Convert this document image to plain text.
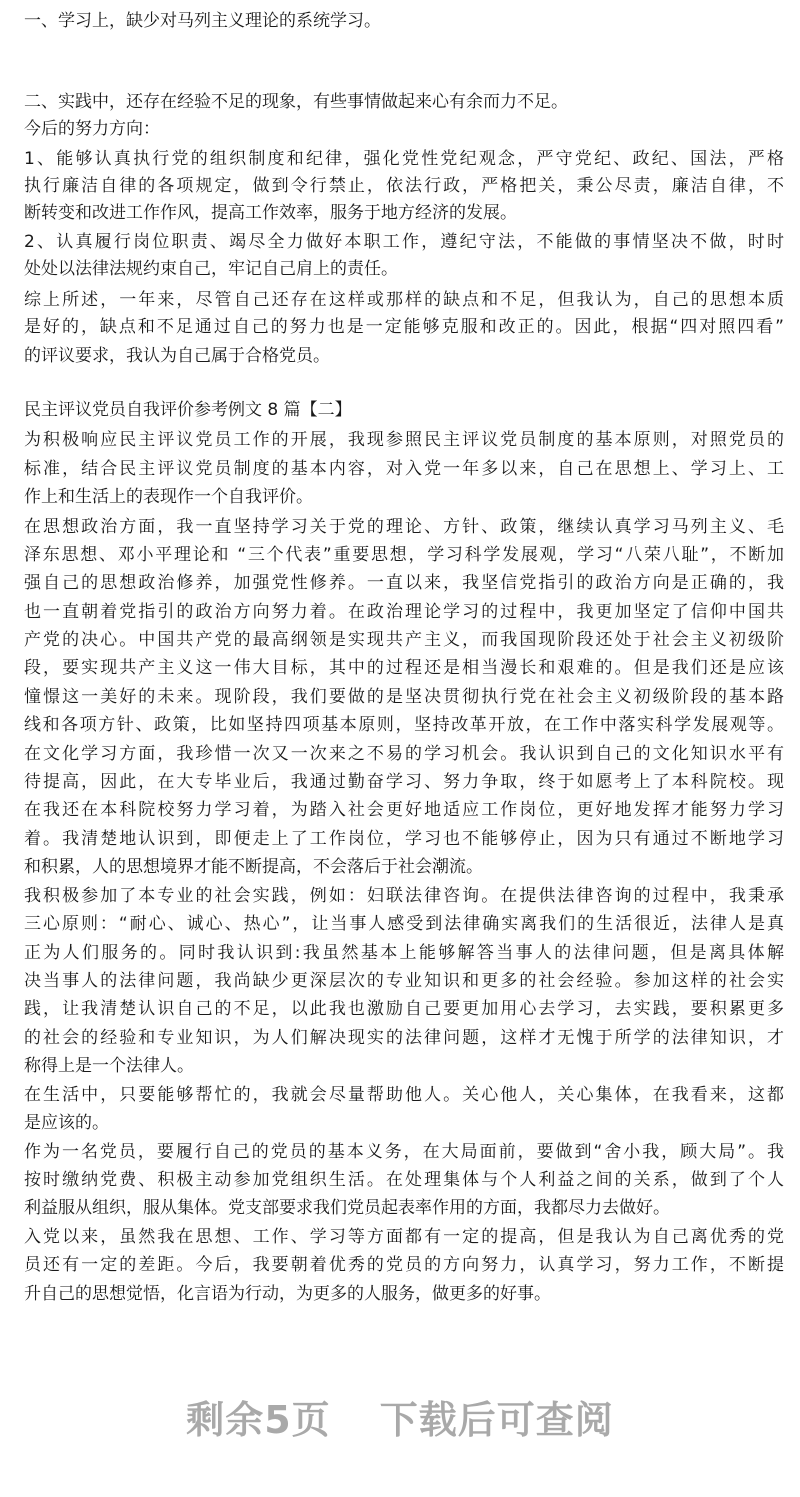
一、学习上，缺少对马列主义理论的系统学习。
二、实践中，还存在经验不足的现象，有些事情做起来心有余而力不足。
今后的努力方向：
1、能够认真执行党的组织制度和纪律，强化党性党纪观念，严守党纪、政纪、国法，严格
执行廉洁自律的各项规定，做到令行禁止，依法行政，严格把关，秉公尽责，廉洁自律，不
断转变和改进工作作风，提高工作效率，服务于地方经济的发展。
2、认真履行岗位职责、竭尽全力做好本职工作，遵纪守法，不能做的事情坚决不做，时时
处处以法律法规约束自己，牢记自己肩上的责任。
综上所述，一年来，尽管自己还存在这样或那样的缺点和不足，但我认为，自己的思想本质
是好的，缺点和不足通过自己的努力也是一定能够克服和改正的。因此，根据“四对照四看”
的评议要求，我认为自己属于合格党员。
民主评议党员自我评价参考例文 8 篇【二】
为积极响应民主评议党员工作的开展，我现参照民主评议党员制度的基本原则，对照党员的
标准，结合民主评议党员制度的基本内容，对入党一年多以来，自己在思想上、学习上、工
作上和生活上的表现作一个自我评价。
在思想政治方面，我一直坚持学习关于党的理论、方针、政策，继续认真学习马列主义、毛
泽东思想、邓小平理论和 “三个代表”重要思想，学习科学发展观，学习“八荣八耻”，不断加
强自己的思想政治修养，加强党性修养。一直以来，我坚信党指引的政治方向是正确的，我
也一直朝着党指引的政治方向努力着。在政治理论学习的过程中，我更加坚定了信仰中国共
产党的决心。中国共产党的最高纲领是实现共产主义，而我国现阶段还处于社会主义初级阶
段，要实现共产主义这一伟大目标，其中的过程还是相当漫长和艰难的。但是我们还是应该
憧憬这一美好的未来。现阶段，我们要做的是坚决贯彻执行党在社会主义初级阶段的基本路
线和各项方针、政策，比如坚持四项基本原则，坚持改革开放，在工作中落实科学发展观等。
在文化学习方面，我珍惜一次又一次来之不易的学习机会。我认识到自己的文化知识水平有
待提高，因此，在大专毕业后，我通过勤奋学习、努力争取，终于如愿考上了本科院校。现
在我还在本科院校努力学习着，为踏入社会更好地适应工作岗位，更好地发挥才能努力学习
着。我清楚地认识到，即便走上了工作岗位，学习也不能够停止，因为只有通过不断地学习
和积累，人的思想境界才能不断提高，不会落后于社会潮流。
我积极参加了本专业的社会实践，例如：妇联法律咨询。在提供法律咨询的过程中，我秉承
三心原则：“耐心、诚心、热心”，让当事人感受到法律确实离我们的生活很近，法律人是真
正为人们服务的。同时我认识到:我虽然基本上能够解答当事人的法律问题，但是离具体解
决当事人的法律问题，我尚缺少更深层次的专业知识和更多的社会经验。参加这样的社会实
践，让我清楚认识自己的不足，以此我也激励自己要更加用心去学习，去实践，要积累更多
的社会的经验和专业知识，为人们解决现实的法律问题，这样才无愧于所学的法律知识，才
称得上是一个法律人。
在生活中，只要能够帮忙的，我就会尽量帮助他人。关心他人，关心集体，在我看来，这都
是应该的。
作为一名党员，要履行自己的党员的基本义务，在大局面前，要做到“舍小我，顾大局”。我
按时缴纳党费、积极主动参加党组织生活。在处理集体与个人利益之间的关系，做到了个人
利益服从组织，服从集体。党支部要求我们党员起表率作用的方面，我都尽力去做好。
入党以来，虽然我在思想、工作、学习等方面都有一定的提高，但是我认为自己离优秀的党
员还有一定的差距。今后，我要朝着优秀的党员的方向努力，认真学习，努力工作，不断提
升自己的思想觉悟，化言语为行动，为更多的人服务，做更多的好事。
剩余5页 下载后可查阅
